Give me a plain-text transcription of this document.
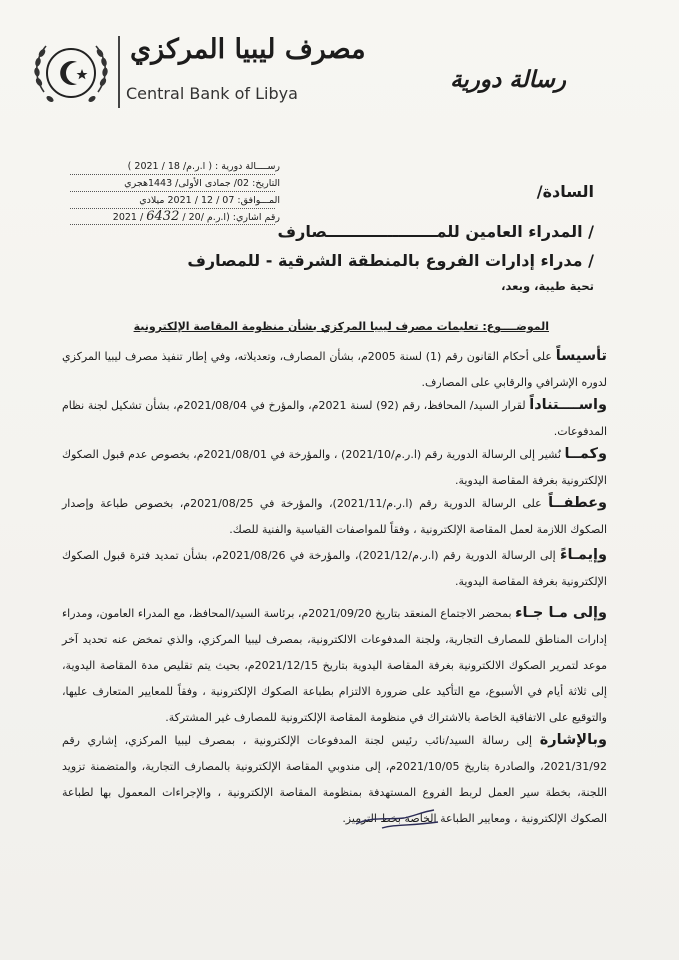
مصرف ليبيا المركزي
Central Bank of Libya
رسالة دورية
رســــالة دورية : ( ا.ر.م/ 18 / 2021 )
التاريخ: 02/ جمادى الأولى/ 1443هجري
المـــوافق: 07 / 12 / 2021 ميلادي
رقم اشاري: (ا.ر.م /20 / 6432 / 2021
السادة/
/ المدراء العامين للمــــــــــــــــــــصارف
/ مدراء إدارات الفروع بالمنطقة الشرقية - للمصارف
تحية طيبة، وبعد،
الموضــــوع: تعليمات مصرف ليبيا المركزي بشأن منظومة المقاصة الإلكترونية
تأسيساً على أحكام القانون رقم (1) لسنة 2005م، بشأن المصارف، وتعديلاته، وفي إطار تنفيذ مصرف ليبيا المركزي لدوره الإشرافي والرقابي على المصارف.
واســــتناداً لقرار السيد/ المحافظ، رقم (92) لسنة 2021م، والمؤرخ في 2021/08/04م، بشأن تشكيل لجنة نظام المدفوعات.
وكمــا نُشير إلى الرسالة الدورية رقم (ا.ر.م/2021/10) ، والمؤرخة في 2021/08/01م، بخصوص عدم قبول الصكوك الإلكترونية بغرفة المقاصة اليدوية.
وعطفــاً على الرسالة الدورية رقم (ا.ر.م/2021/11)، والمؤرخة في 2021/08/25م، بخصوص طباعة وإصدار الصكوك اللازمة لعمل المقاصة الإلكترونية ، وفقاً للمواصفات القياسية والفنية للصك.
وإيمـاءً إلى الرسالة الدورية رقم (ا.ر.م/2021/12)، والمؤرخة في 2021/08/26م، بشأن تمديد فترة قبول الصكوك الإلكترونية بغرفة المقاصة اليدوية.
وإلى مـا جـاء بمحضر الاجتماع المنعقد بتاريخ 2021/09/20م، برئاسة السيد/المحافظ، مع المدراء العامون، ومدراء إدارات المناطق للمصارف التجارية، ولجنة المدفوعات الالكترونية، بمصرف ليبيا المركزي، والذي تمخض عنه تحديد آخر موعد لتمرير الصكوك الالكترونية بغرفة المقاصة اليدوية بتاريخ 2021/12/15م، بحيث يتم تقليص مدة المقاصة اليدوية، إلى ثلاثة أيام في الأسبوع، مع التأكيد على ضرورة الالتزام بطباعة الصكوك الإلكترونية ، وفقاً للمعايير المتعارف عليها، والتوقيع على الاتفاقية الخاصة بالاشتراك في منظومة المقاصة الإلكترونية للمصارف غير المشتركة.
وبالإشارة إلى رسالة السيد/نائب رئيس لجنة المدفوعات الإلكترونية ، بمصرف ليبيا المركزي، إشاري رقم 2021/31/92، والصادرة بتاريخ 2021/10/05م، إلى مندوبي المقاصة الإلكترونية بالمصارف التجارية، والمتضمنة تزويد اللجنة، بخطة سير العمل لربط الفروع المستهدفة بمنظومة المقاصة الإلكترونية ، والإجراءات المعمول بها لطباعة الصكوك الإلكترونية ، ومعايير الطباعة الخاصة بخط الترميز.
